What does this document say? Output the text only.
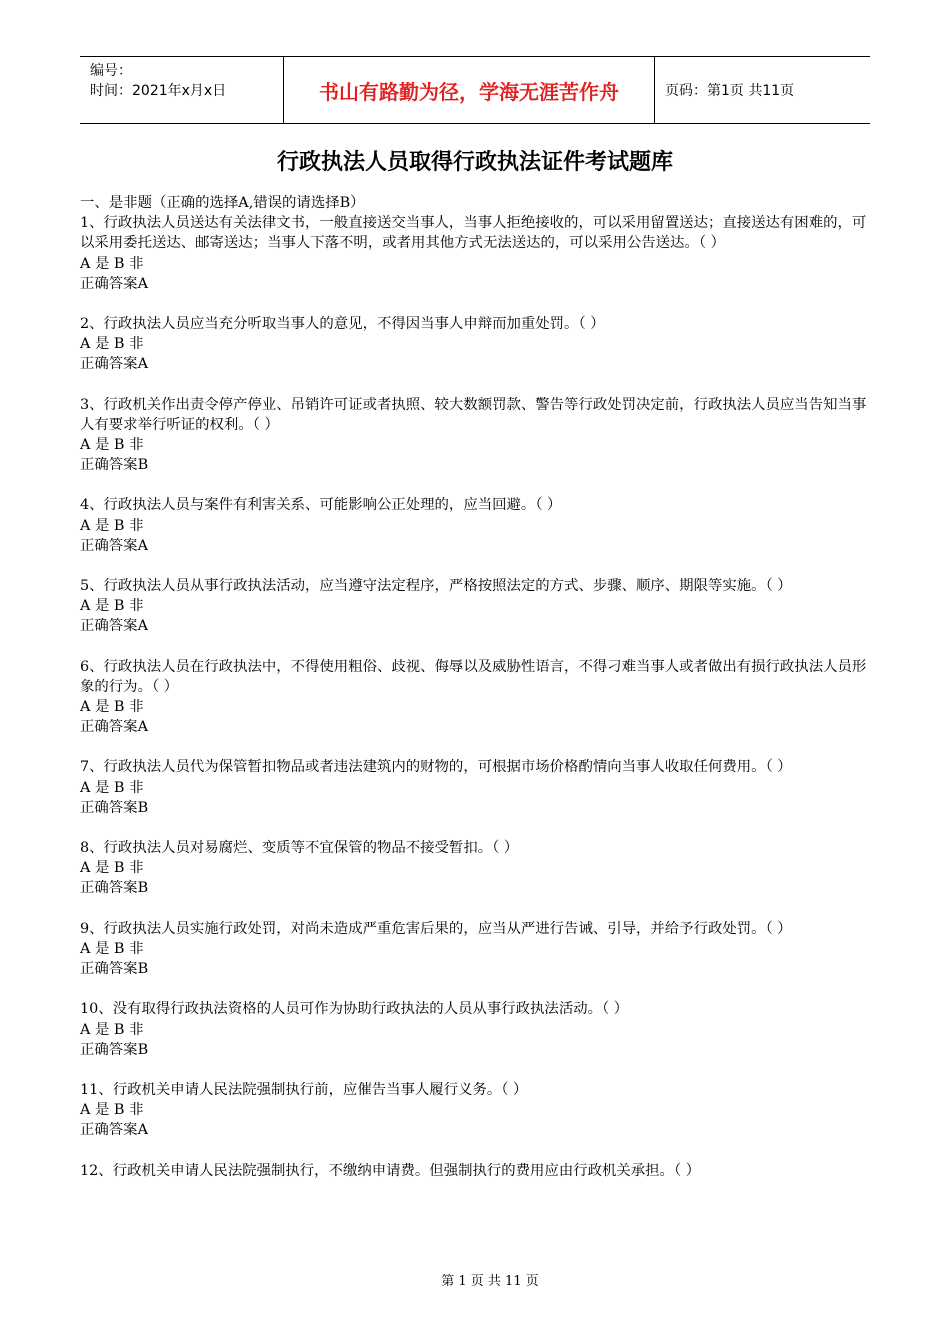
编号：
时间：2021年x月x日	书山有路勤为径，学海无涯苦作舟	页码：第1页 共11页
行政执法人员取得行政执法证件考试题库

一、是非题（正确的选择A,错误的请选择B）

1、行政执法人员送达有关法律文书，一般直接送交当事人，当事人拒绝接收的，可以采用留置送达；直接送达有困难的，可以采用委托送达、邮寄送达；当事人下落不明，或者用其他方式无法送达的，可以采用公告送达。（ ）

A 是 B 非

正确答案A

2、行政执法人员应当充分听取当事人的意见，不得因当事人申辩而加重处罚。（ ）

A 是 B 非

正确答案A

3、行政机关作出责令停产停业、吊销许可证或者执照、较大数额罚款、警告等行政处罚决定前，行政执法人员应当告知当事人有要求举行听证的权利。（ ）

A 是 B 非

正确答案B

4、行政执法人员与案件有利害关系、可能影响公正处理的，应当回避。（ ）

A 是 B 非

正确答案A

5、行政执法人员从事行政执法活动，应当遵守法定程序，严格按照法定的方式、步骤、顺序、期限等实施。（ ）

A 是 B 非

正确答案A

6、行政执法人员在行政执法中，不得使用粗俗、歧视、侮辱以及威胁性语言，不得刁难当事人或者做出有损行政执法人员形象的行为。（ ）

A 是 B 非

正确答案A

7、行政执法人员代为保管暂扣物品或者违法建筑内的财物的，可根据市场价格酌情向当事人收取任何费用。（ ）

A 是 B 非

正确答案B

8、行政执法人员对易腐烂、变质等不宜保管的物品不接受暂扣。（ ）

A 是 B 非

正确答案B

9、行政执法人员实施行政处罚，对尚未造成严重危害后果的，应当从严进行告诫、引导，并给予行政处罚。（ ）

A 是 B 非

正确答案B

10、没有取得行政执法资格的人员可作为协助行政执法的人员从事行政执法活动。（ ）

A 是 B 非

正确答案B

11、行政机关申请人民法院强制执行前，应催告当事人履行义务。（ ）

A 是 B 非

正确答案A

12、行政机关申请人民法院强制执行，不缴纳申请费。但强制执行的费用应由行政机关承担。（ ）

第 1 页 共 11 页
